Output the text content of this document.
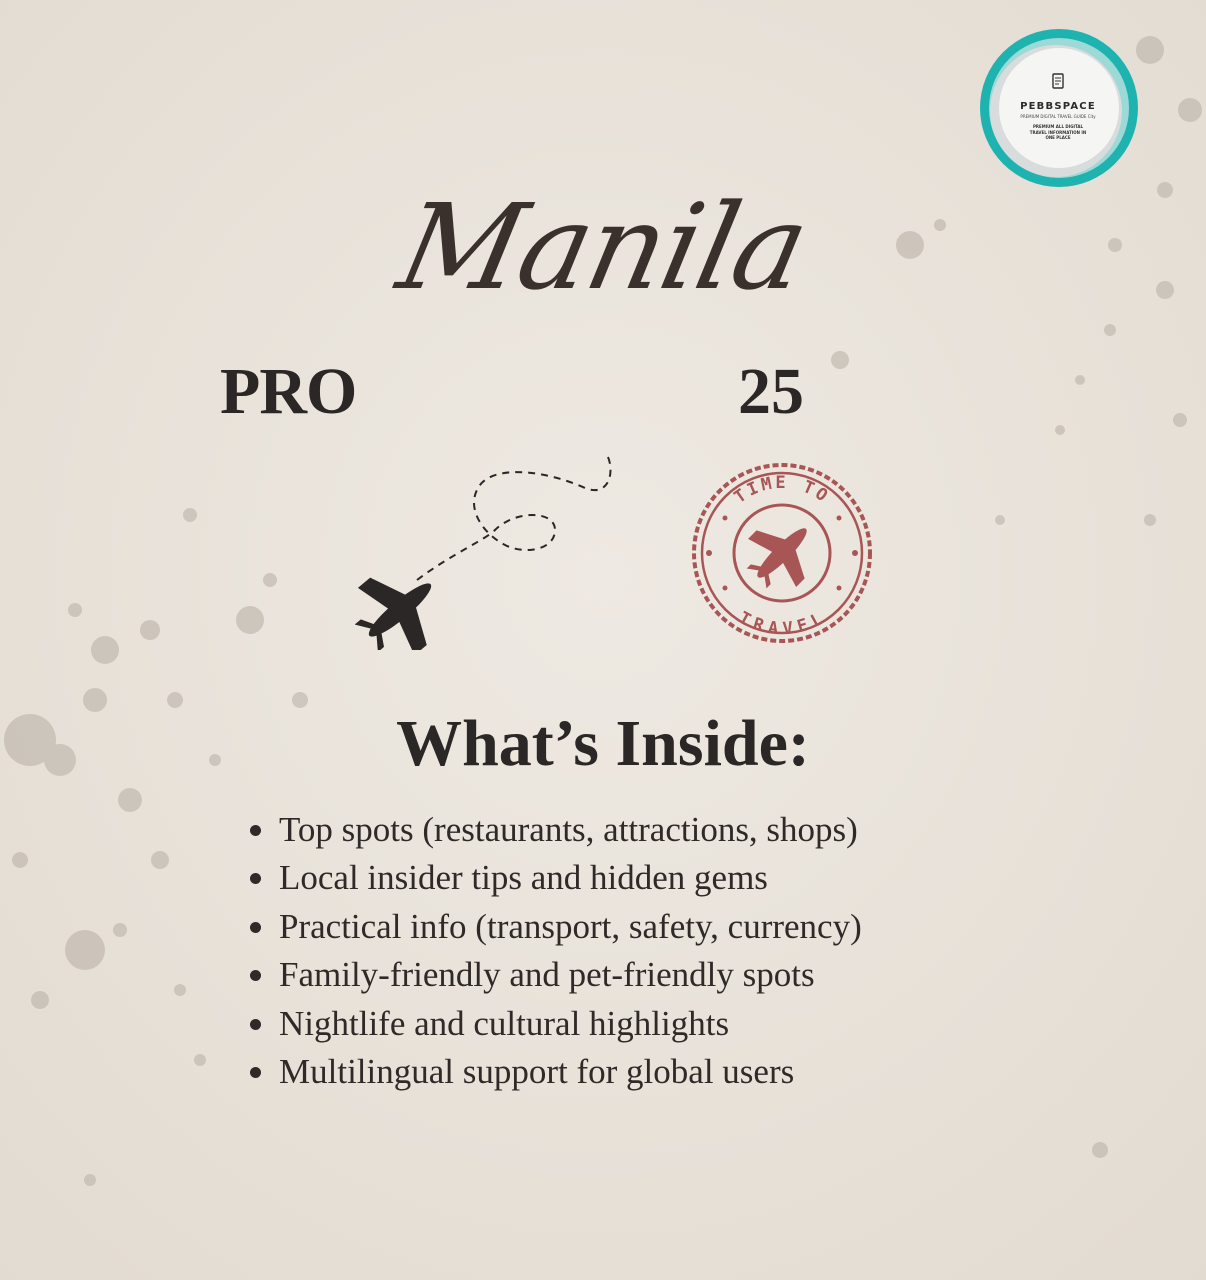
PEBBSPACE
PREMIUM DIGITAL TRAVEL GUIDE City
PREMIUM ALL DIGITAL TRAVEL INFORMATION IN ONE PLACE
Manila
PRO	25
TIME TO
TRAVEL
What’s Inside:
Top spots (restaurants, attractions, shops)
Local insider tips and hidden gems
Practical info (transport, safety, currency)
Family-friendly and pet-friendly spots
Nightlife and cultural highlights
Multilingual support for global users
